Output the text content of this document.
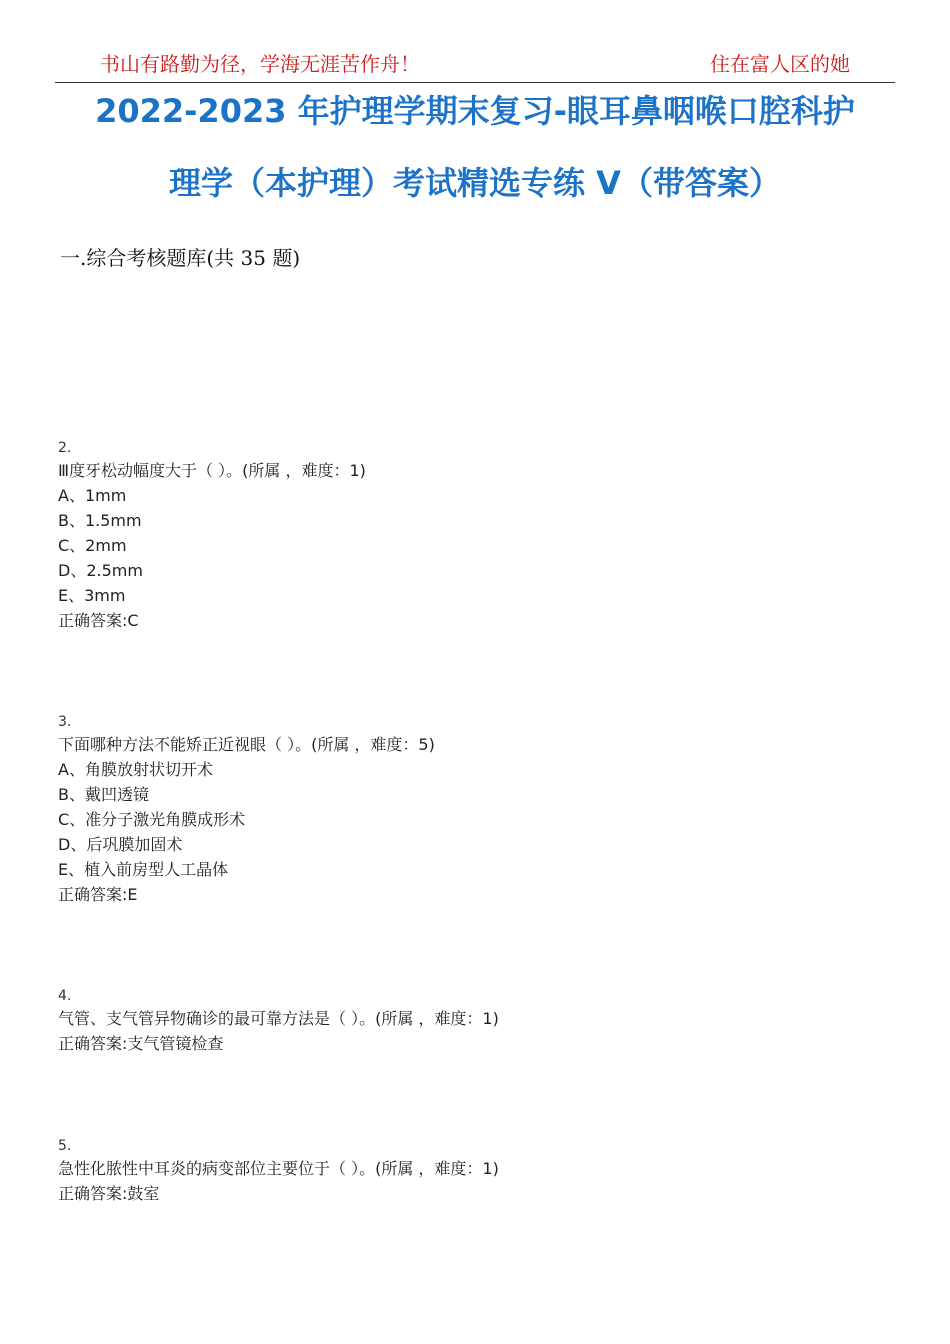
书山有路勤为径，学海无涯苦作舟！	住在富人区的她
2022-2023 年护理学期末复习-眼耳鼻咽喉口腔科护
理学（本护理）考试精选专练 V（带答案）
一.综合考核题库(共 35 题)
2.
Ⅲ度牙松动幅度大于（ ）。(所属 ，难度：1)
A、1mm
B、1.5mm
C、2mm
D、2.5mm
E、3mm
正确答案:C
3.
下面哪种方法不能矫正近视眼（ ）。(所属 ，难度：5)
A、角膜放射状切开术
B、戴凹透镜
C、准分子激光角膜成形术
D、后巩膜加固术
E、植入前房型人工晶体
正确答案:E
4.
气管、支气管异物确诊的最可靠方法是（ ）。(所属 ，难度：1)
正确答案:支气管镜检查
5.
急性化脓性中耳炎的病变部位主要位于（ ）。(所属 ，难度：1)
正确答案:鼓室
